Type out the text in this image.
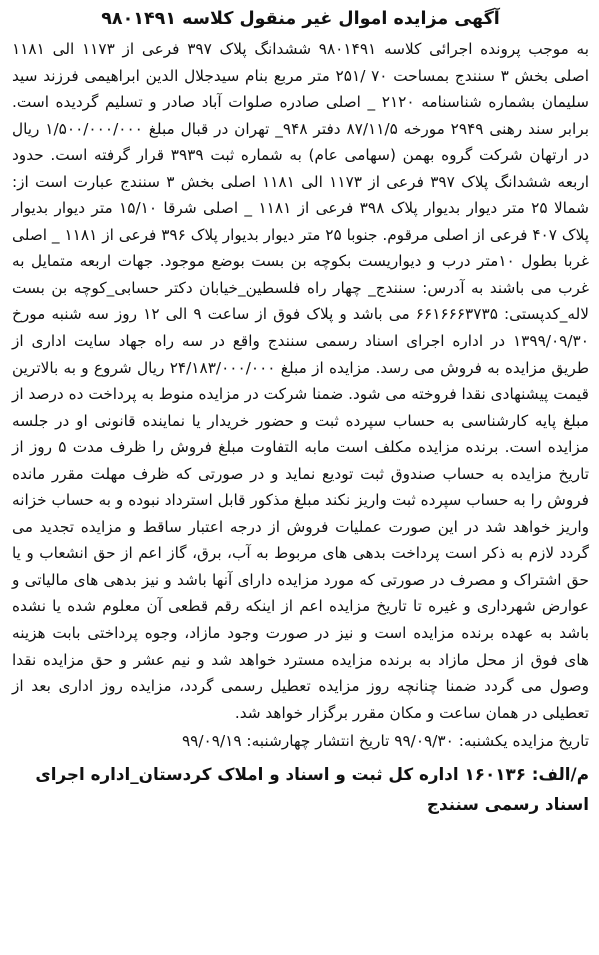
آگهی مزایده اموال غیر منقول کلاسه ۹۸۰۱۴۹۱

به موجب پرونده اجرائی کلاسه ۹۸۰۱۴۹۱ ششدانگ پلاک ۳۹۷ فرعی از ۱۱۷۳ الی ۱۱۸۱ اصلی بخش ۳ سنندج بمساحت ۷۰ /۲۵۱ متر مربع بنام سیدجلال الدین ابراهیمی فرزند سید سلیمان بشماره شناسنامه ۲۱۲۰ _ اصلی صادره صلوات آباد صادر و تسلیم گردیده است. برابر سند رهنی ۲۹۴۹ مورخه ۸۷/۱۱/۵ دفتر ۹۴۸_ تهران در قبال مبلغ ۱/۵۰۰/۰۰۰/۰۰۰ ریال در ارتهان شرکت گروه بهمن (سهامی عام) به شماره ثبت ۳۹۳۹ قرار گرفته است. حدود اربعه ششدانگ پلاک ۳۹۷ فرعی از ۱۱۷۳ الی ۱۱۸۱ اصلی بخش ۳ سنندج عبارت است از: شمالا ۲۵ متر دیوار بدیوار پلاک ۳۹۸ فرعی از ۱۱۸۱ _ اصلی شرقا ۱۵/۱۰ متر دیوار بدیوار پلاک ۴۰۷ فرعی از اصلی مرقوم. جنوبا ۲۵ متر دیوار بدیوار پلاک ۳۹۶ فرعی از ۱۱۸۱ _ اصلی غربا بطول ۱۰متر درب و دیواریست بکوچه بن بست بوضع موجود. جهات اربعه متمایل به غرب می باشند به آدرس: سنندج_ چهار راه فلسطین_خیابان دکتر حسابی_کوچه بن بست لاله_کدپستی: ۶۶۱۶۶۶۳۷۳۵ می باشد و پلاک فوق از ساعت ۹ الی ۱۲ روز سه شنبه مورخ ۱۳۹۹/۰۹/۳۰ در اداره اجرای اسناد رسمی سنندج واقع در سه راه جهاد سایت اداری از طریق مزایده به فروش می رسد. مزایده از مبلغ ۲۴/۱۸۳/۰۰۰/۰۰۰ ریال شروع و به بالاترین قیمت پیشنهادی نقدا فروخته می شود. ضمنا شرکت در مزایده منوط به پرداخت ده درصد از مبلغ پایه کارشناسی به حساب سپرده ثبت و حضور خریدار یا نماینده قانونی او در جلسه مزایده است. برنده مزایده مکلف است مابه التفاوت مبلغ فروش را ظرف مدت ۵ روز از تاریخ مزایده به حساب صندوق ثبت تودیع نماید و در صورتی که ظرف مهلت مقرر مانده فروش را به حساب سپرده ثبت واریز نکند مبلغ مذکور قابل استرداد نبوده و به حساب خزانه واریز خواهد شد در این صورت عملیات فروش از درجه اعتبار ساقط و مزایده تجدید می گردد لازم به ذکر است پرداخت بدهی های مربوط به آب، برق، گاز اعم از حق انشعاب و یا حق اشتراک و مصرف در صورتی که مورد مزایده دارای آنها باشد و نیز بدهی های مالیاتی و عوارض شهرداری و غیره تا تاریخ مزایده اعم از اینکه رقم قطعی آن معلوم شده یا نشده باشد به عهده برنده مزایده است و نیز در صورت وجود مازاد، وجوه پرداختی بابت هزینه های فوق از محل مازاد به برنده مزایده مسترد خواهد شد و نیم عشر و حق مزایده نقدا وصول می گردد ضمنا چنانچه روز مزایده تعطیل رسمی گردد، مزایده روز اداری بعد از تعطیلی در همان ساعت و مکان مقرر برگزار خواهد شد.

تاریخ مزایده یکشنبه: ۹۹/۰۹/۳۰ تاریخ انتشار چهارشنبه: ۹۹/۰۹/۱۹
م/الف: ۱۶۰۱۳۶ اداره کل ثبت و اسناد و املاک کردستان_اداره اجرای اسناد رسمی سنندج
